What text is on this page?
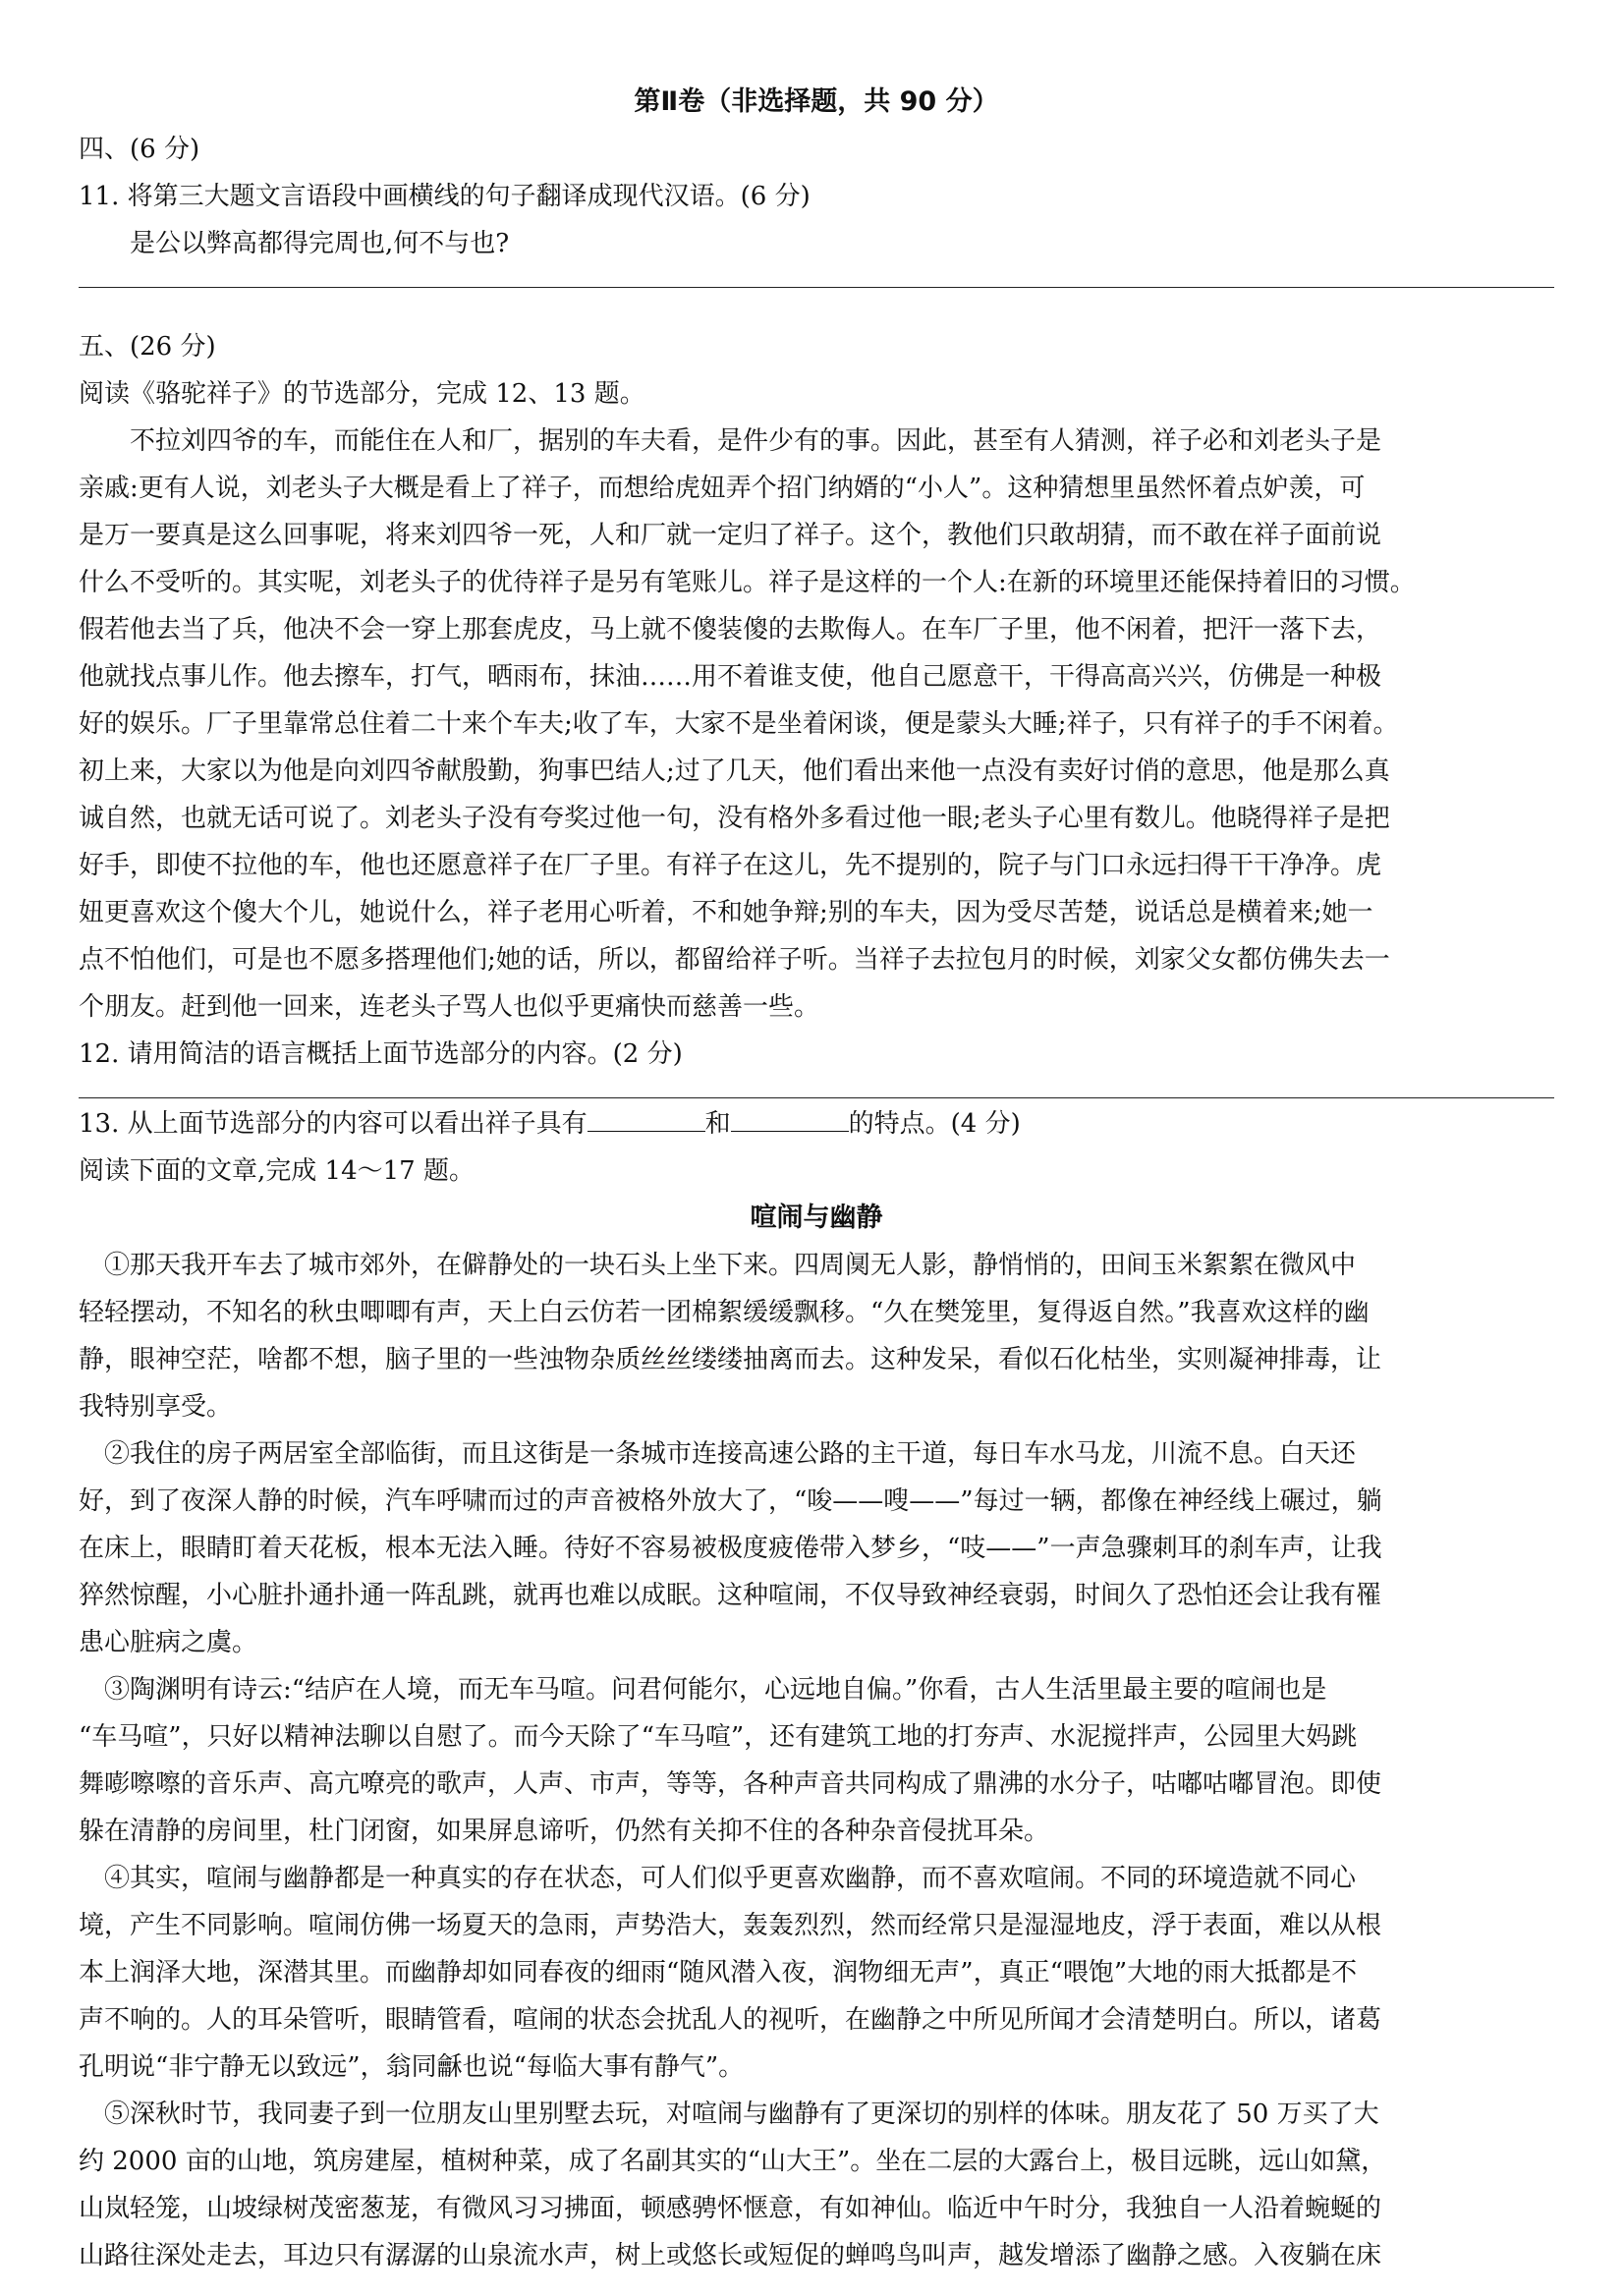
第Ⅱ卷（非选择题，共 90 分）

四、(6 分)

11. 将第三大题文言语段中画横线的句子翻译成现代汉语。(6 分)

是公以弊高都得完周也,何不与也?

五、(26 分)

阅读《骆驼祥子》的节选部分，完成 12、13 题。

不拉刘四爷的车，而能住在人和厂，据别的车夫看，是件少有的事。因此，甚至有人猜测，祥子必和刘老头子是

亲戚:更有人说，刘老头子大概是看上了祥子，而想给虎妞弄个招门纳婿的“小人”。这种猜想里虽然怀着点妒羡，可

是万一要真是这么回事呢，将来刘四爷一死，人和厂就一定归了祥子。这个，教他们只敢胡猜，而不敢在祥子面前说

什么不受听的。其实呢，刘老头子的优待祥子是另有笔账儿。祥子是这样的一个人:在新的环境里还能保持着旧的习惯。

假若他去当了兵，他决不会一穿上那套虎皮，马上就不傻装傻的去欺侮人。在车厂子里，他不闲着，把汗一落下去，

他就找点事儿作。他去擦车，打气，晒雨布，抹油……用不着谁支使，他自己愿意干，干得高高兴兴，仿佛是一种极

好的娱乐。厂子里靠常总住着二十来个车夫;收了车，大家不是坐着闲谈，便是蒙头大睡;祥子，只有祥子的手不闲着。

初上来，大家以为他是向刘四爷献殷勤，狗事巴结人;过了几天，他们看出来他一点没有卖好讨俏的意思，他是那么真

诚自然，也就无话可说了。刘老头子没有夸奖过他一句，没有格外多看过他一眼;老头子心里有数儿。他晓得祥子是把

好手，即使不拉他的车，他也还愿意祥子在厂子里。有祥子在这儿，先不提别的，院子与门口永远扫得干干净净。虎

妞更喜欢这个傻大个儿，她说什么，祥子老用心听着，不和她争辩;别的车夫，因为受尽苦楚，说话总是横着来;她一

点不怕他们，可是也不愿多搭理他们;她的话，所以，都留给祥子听。当祥子去拉包月的时候，刘家父女都仿佛失去一

个朋友。赶到他一回来，连老头子骂人也似乎更痛快而慈善一些。

12. 请用简洁的语言概括上面节选部分的内容。(2 分)

13. 从上面节选部分的内容可以看出祥子具有	和	的特点。(4 分)

阅读下面的文章,完成 14～17 题。

喧闹与幽静

①那天我开车去了城市郊外，在僻静处的一块石头上坐下来。四周阒无人影，静悄悄的，田间玉米絮絮在微风中

轻轻摆动，不知名的秋虫唧唧有声，天上白云仿若一团棉絮缓缓飘移。“久在樊笼里，复得返自然。”我喜欢这样的幽

静，眼神空茫，啥都不想，脑子里的一些浊物杂质丝丝缕缕抽离而去。这种发呆，看似石化枯坐，实则凝神排毒，让

我特别享受。

②我住的房子两居室全部临街，而且这街是一条城市连接高速公路的主干道，每日车水马龙，川流不息。白天还

好，到了夜深人静的时候，汽车呼啸而过的声音被格外放大了，“唆——嗖——”每过一辆，都像在神经线上碾过，躺

在床上，眼睛盯着天花板，根本无法入睡。待好不容易被极度疲倦带入梦乡，“吱——”一声急骤刺耳的刹车声，让我

猝然惊醒，小心脏扑通扑通一阵乱跳，就再也难以成眠。这种喧闹，不仅导致神经衰弱，时间久了恐怕还会让我有罹

患心脏病之虞。

③陶渊明有诗云:“结庐在人境，而无车马喧。问君何能尔，心远地自偏。”你看，古人生活里最主要的喧闹也是

“车马喧”，只好以精神法聊以自慰了。而今天除了“车马喧”，还有建筑工地的打夯声、水泥搅拌声，公园里大妈跳

舞嘭嚓嚓的音乐声、高亢嘹亮的歌声，人声、市声，等等，各种声音共同构成了鼎沸的水分子，咕嘟咕嘟冒泡。即使

躲在清静的房间里，杜门闭窗，如果屏息谛听，仍然有关抑不住的各种杂音侵扰耳朵。

④其实，喧闹与幽静都是一种真实的存在状态，可人们似乎更喜欢幽静，而不喜欢喧闹。不同的环境造就不同心

境，产生不同影响。喧闹仿佛一场夏天的急雨，声势浩大，轰轰烈烈，然而经常只是湿湿地皮，浮于表面，难以从根

本上润泽大地，深潜其里。而幽静却如同春夜的细雨“随风潜入夜，润物细无声”，真正“喂饱”大地的雨大抵都是不

声不响的。人的耳朵管听，眼睛管看，喧闹的状态会扰乱人的视听，在幽静之中所见所闻才会清楚明白。所以，诸葛

孔明说“非宁静无以致远”，翁同龢也说“每临大事有静气”。

⑤深秋时节，我同妻子到一位朋友山里别墅去玩，对喧闹与幽静有了更深切的别样的体味。朋友花了 50 万买了大

约 2000 亩的山地，筑房建屋，植树种菜，成了名副其实的“山大王”。坐在二层的大露台上，极目远眺，远山如黛，

山岚轻笼，山坡绿树茂密葱茏，有微风习习拂面，顿感骋怀惬意，有如神仙。临近中午时分，我独自一人沿着蜿蜒的

山路往深处走去，耳边只有潺潺的山泉流水声，树上或悠长或短促的蝉鸣鸟叫声，越发增添了幽静之感。入夜躺在床
